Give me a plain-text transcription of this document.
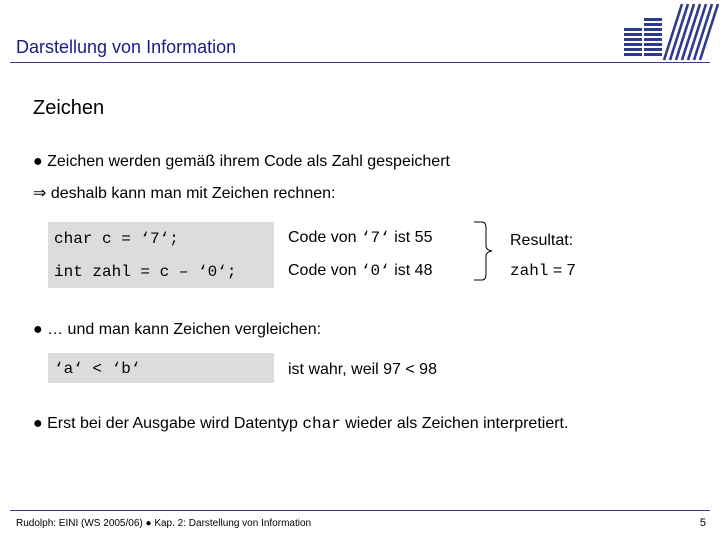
Darstellung von Information
Zeichen
● Zeichen werden gemäß ihrem Code als Zahl gespeichert
⇒ deshalb kann man mit Zeichen rechnen:
char c = ‘7‘;
int zahl = c – ‘0‘;
Code von ‘7‘ ist 55
Code von ‘0‘ ist 48
Resultat:
zahl = 7
● … und man kann Zeichen vergleichen:
‘a‘ < ‘b‘	ist wahr, weil 97 < 98
● Erst bei der Ausgabe wird Datentyp char wieder als Zeichen interpretiert.
Rudolph: EINI (WS 2005/06) ● Kap. 2: Darstellung von Information	5
